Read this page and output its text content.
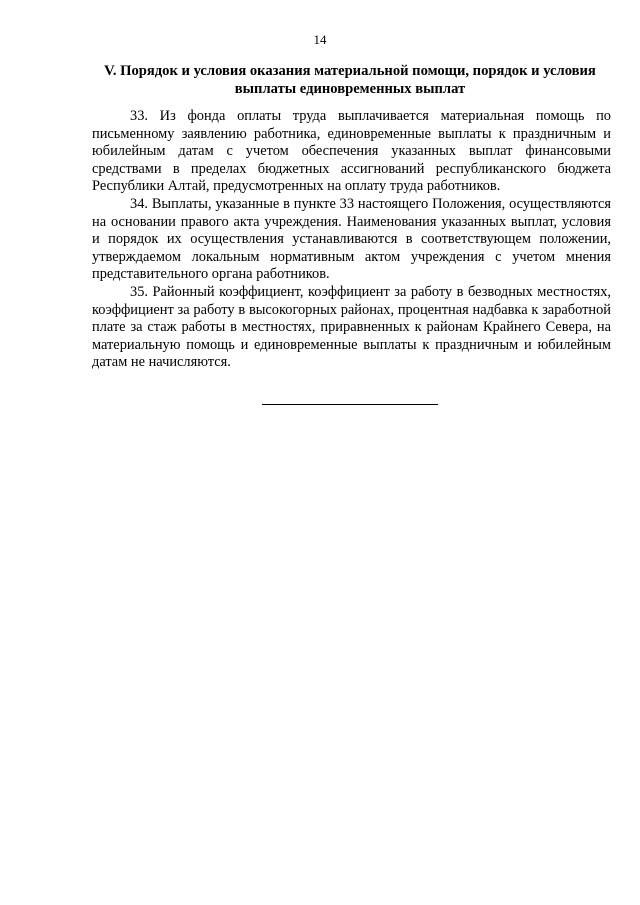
14
V. Порядок и условия оказания материальной помощи, порядок и условия
выплаты единовременных выплат

33. Из фонда оплаты труда выплачивается материальная помощь по письменному заявлению работника, единовременные выплаты к праздничным и юбилейным датам с учетом обеспечения указанных выплат финансовыми средствами в пределах бюджетных ассигнований республиканского бюджета Республики Алтай, предусмотренных на оплату труда работников.

34. Выплаты, указанные в пункте 33 настоящего Положения, осуществляются на основании правого акта учреждения. Наименования указанных выплат, условия и порядок их осуществления устанавливаются в соответствующем положении, утверждаемом локальным нормативным актом учреждения с учетом мнения представительного органа работников.

35. Районный коэффициент, коэффициент за работу в безводных местностях, коэффициент за работу в высокогорных районах, процентная надбавка к заработной плате за стаж работы в местностях, приравненных к районам Крайнего Севера, на материальную помощь и единовременные выплаты к праздничным и юбилейным датам не начисляются.
